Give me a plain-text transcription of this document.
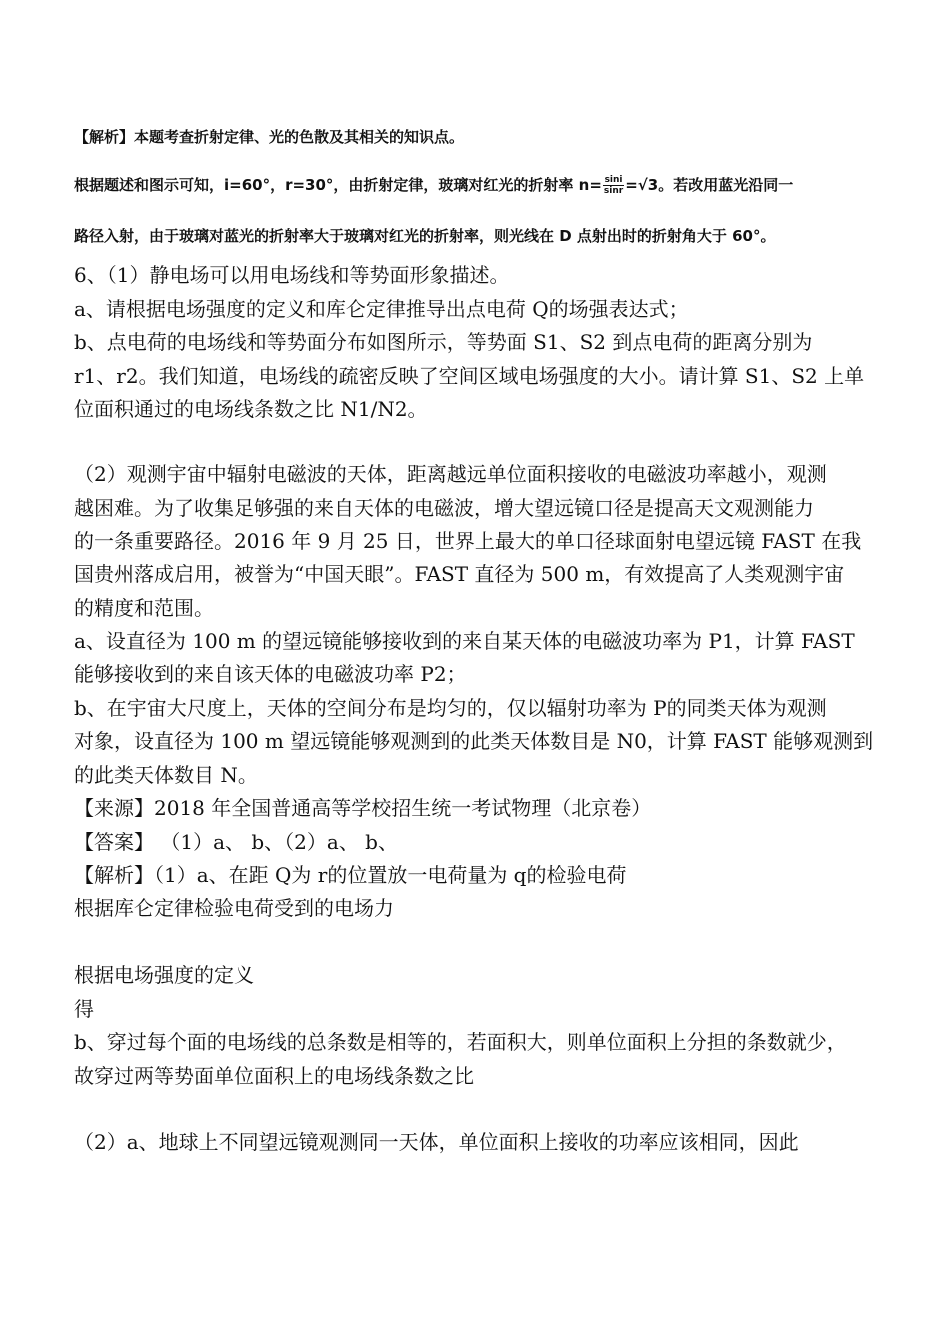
【解析】本题考查折射定律、光的色散及其相关的知识点。
根据题述和图示可知，i=60°，r=30°，由折射定律，玻璃对红光的折射率 $n= \frac{\sin i}{\sin r} =√3$。若改用蓝光沿同一
路径入射，由于玻璃对蓝光的折射率大于玻璃对红光的折射率，则光线在 D 点射出时的折射角大于 60°。
6、（1）静电场可以用电场线和等势面形象描述。
a、请根据电场强度的定义和库仑定律推导出点电荷 Q的场强表达式；
b、点电荷的电场线和等势面分布如图所示，等势面 S1、S2 到点电荷的距离分别为
r1、r2。我们知道，电场线的疏密反映了空间区域电场强度的大小。请计算 S1、S2 上单
位面积通过的电场线条数之比 N1/N2。
（2）观测宇宙中辐射电磁波的天体，距离越远单位面积接收的电磁波功率越小，观测
越困难。为了收集足够强的来自天体的电磁波，增大望远镜口径是提高天文观测能力
的一条重要路径。2016 年 9 月 25 日，世界上最大的单口径球面射电望远镜 FAST 在我
国贵州落成启用，被誉为“中国天眼”。FAST 直径为 500 m，有效提高了人类观测宇宙
的精度和范围。
a、设直径为 100 m 的望远镜能够接收到的来自某天体的电磁波功率为 P1，计算 FAST
能够接收到的来自该天体的电磁波功率 P2；
b、在宇宙大尺度上，天体的空间分布是均匀的，仅以辐射功率为 P的同类天体为观测
对象，设直径为 100 m 望远镜能够观测到的此类天体数目是 N0，计算 FAST 能够观测到
的此类天体数目 N。
【来源】2018 年全国普通高等学校招生统一考试物理（北京卷）
【答案】 （1）a、 b、（2）a、 b、
【解析】（1）a、在距 Q为 r的位置放一电荷量为 q的检验电荷
根据库仑定律检验电荷受到的电场力
根据电场强度的定义
得
b、穿过每个面的电场线的总条数是相等的，若面积大，则单位面积上分担的条数就少，
故穿过两等势面单位面积上的电场线条数之比
（2）a、地球上不同望远镜观测同一天体，单位面积上接收的功率应该相同，因此
